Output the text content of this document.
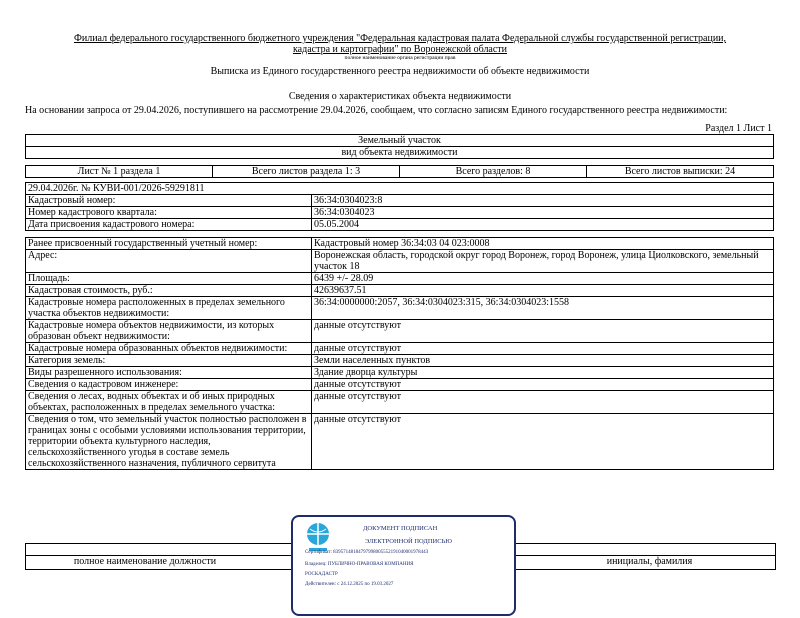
Филиал федерального государственного бюджетного учреждения "Федеральная кадастровая палата Федеральной службы государственной регистрации,
кадастра и картографии" по Воронежской области
полное наименование органа регистрации прав
Выписка из Единого государственного реестра недвижимости об объекте недвижимости
Сведения о характеристиках объекта недвижимости
На основании запроса от 29.04.2026, поступившего на рассмотрение 29.04.2026, сообщаем, что согласно записям Единого государственного реестра недвижимости:
Раздел 1 Лист 1
Земельный участок
вид объекта недвижимости
Лист № 1 раздела 1	Всего листов раздела 1: 3	Всего разделов: 8	Всего листов выписки: 24
29.04.2026г. № КУВИ-001/2026-59291811	
Кадастровый номер:	36:34:0304023:8
Номер кадастрового квартала:	36:34:0304023
Дата присвоения кадастрового номера:	05.05.2004
Ранее присвоенный государственный учетный номер:	Кадастровый номер 36:34:03 04 023:0008
Адрес:	Воронежская область, городской округ город Воронеж, город Воронеж, улица Циолковского, земельный участок 18
Площадь:	6439 +/- 28.09
Кадастровая стоимость, руб.:	42639637.51
Кадастровые номера расположенных в пределах земельного участка объектов недвижимости:	36:34:0000000:2057, 36:34:0304023:315, 36:34:0304023:1558
Кадастровые номера объектов недвижимости, из которых образован объект недвижимости:	данные отсутствуют
Кадастровые номера образованных объектов недвижимости:	данные отсутствуют
Категория земель:	Земли населенных пунктов
Виды разрешенного использования:	Здание дворца культуры
Сведения о кадастровом инженере:	данные отсутствуют
Сведения о лесах, водных объектах и об иных природных объектах, расположенных в пределах земельного участка:	данные отсутствуют
Сведения о том, что земельный участок полностью расположен в границах зоны с особыми условиями использования территории, территории объекта культурного наследия, сельскохозяйственного угодья в составе земель сельскохозяйственного назначения, публичного сервитута	данные отсутствуют
полное наименование должности	инициалы, фамилия
ДОКУМЕНТ ПОДПИСАН
ЭЛЕКТРОННОЙ ПОДПИСЬЮ
Сертификат: 8395714818479799800555219104000197844З
Владелец: ПУБЛИЧНО-ПРАВОВАЯ КОМПАНИЯ
РОСКАДАСТР
Действителен: с 24.12.2025 по 19.03.2027
